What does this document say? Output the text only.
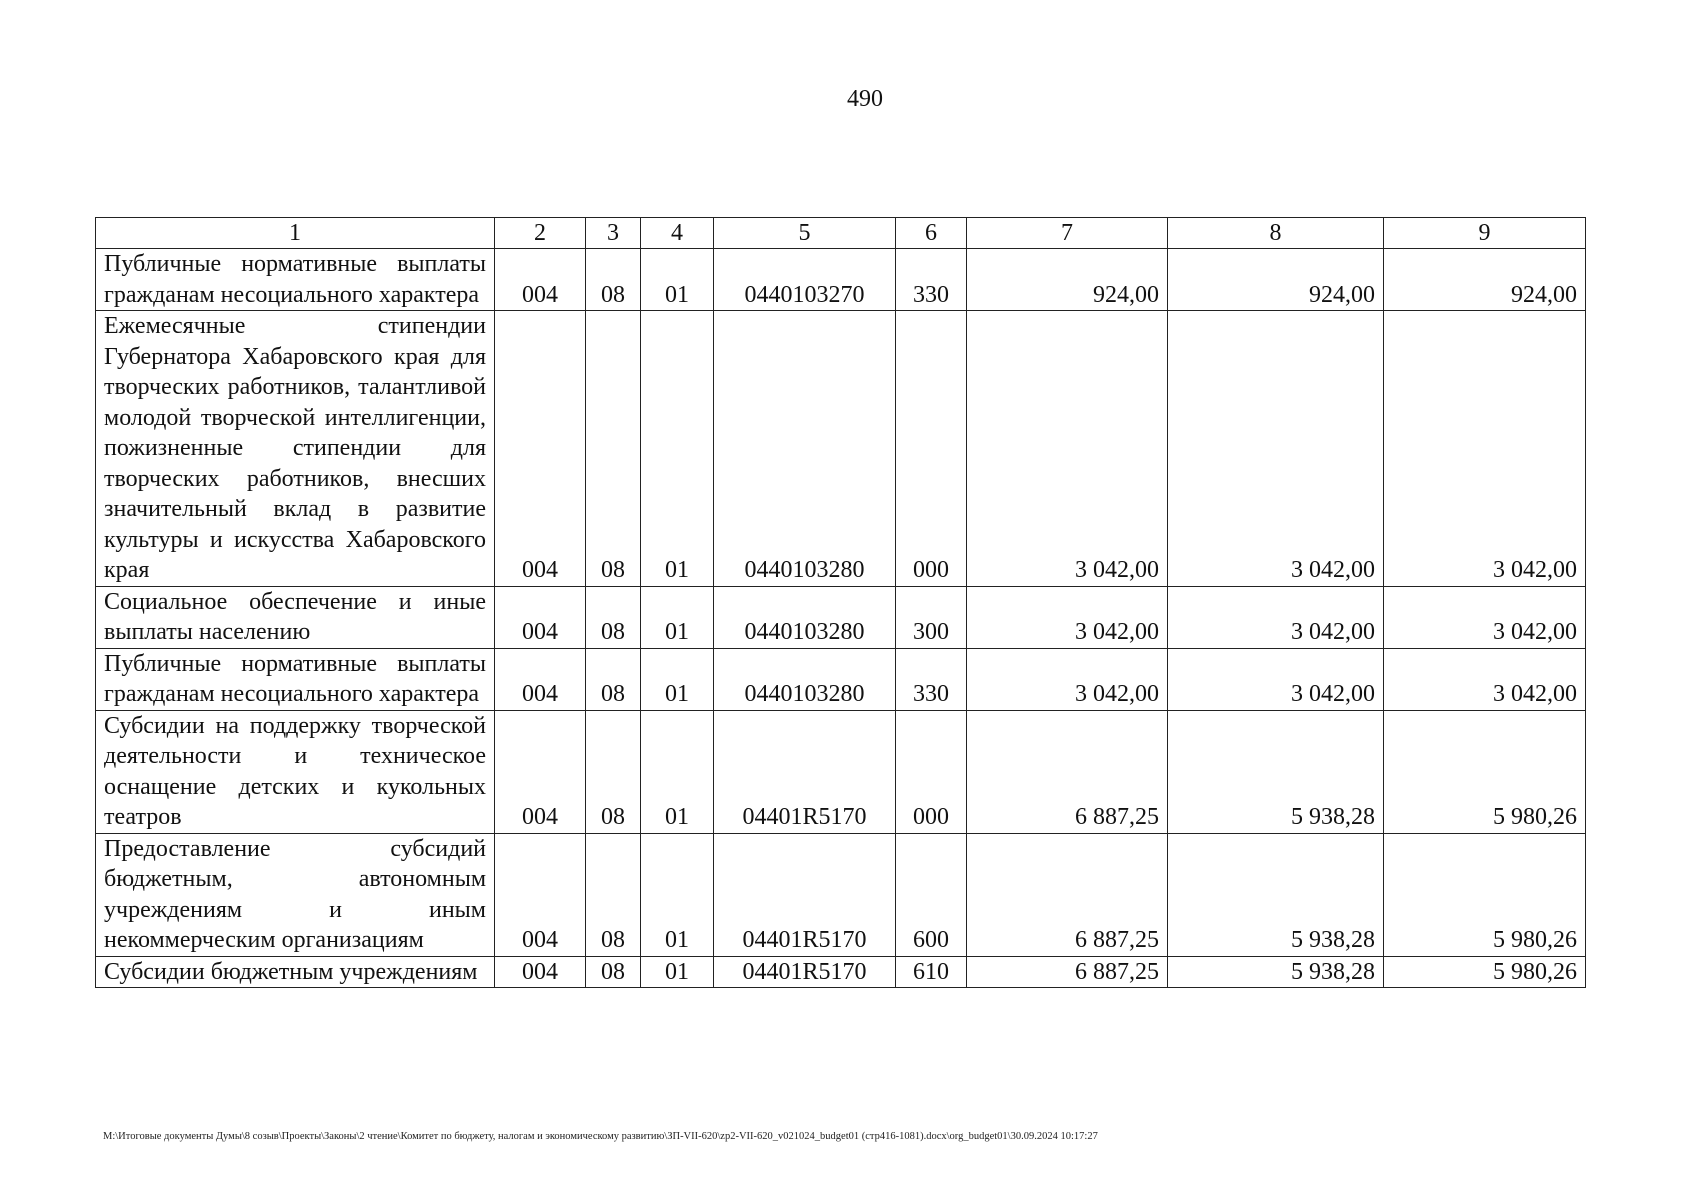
490
1	2	3	4	5	6	7	8	9
Публичные нормативные выплаты гражданам несоциального характера	004	08	01	0440103270	330	924,00	924,00	924,00
Ежемесячные стипендии Губернатора Хабаровского края для творческих работников, талантливой молодой творческой интеллигенции, пожизненные стипендии для творческих работников, внесших значительный вклад в развитие культуры и искусства Хабаровского края	004	08	01	0440103280	000	3 042,00	3 042,00	3 042,00
Социальное обеспечение и иные выплаты населению	004	08	01	0440103280	300	3 042,00	3 042,00	3 042,00
Публичные нормативные выплаты гражданам несоциального характера	004	08	01	0440103280	330	3 042,00	3 042,00	3 042,00
Субсидии на поддержку творческой деятельности и техническое оснащение детских и кукольных театров	004	08	01	04401R5170	000	6 887,25	5 938,28	5 980,26
Предоставление субсидий бюджетным, автономным учреждениям и иным некоммерческим организациям	004	08	01	04401R5170	600	6 887,25	5 938,28	5 980,26
Субсидии бюджетным учреждениям	004	08	01	04401R5170	610	6 887,25	5 938,28	5 980,26
M:\Итоговые документы Думы\8 созыв\Проекты\Законы\2 чтение\Комитет по бюджету, налогам и экономическому развитию\ЗП-VII-620\zp2-VII-620_v021024_budget01 (стр416-1081).docx\org_budget01\30.09.2024 10:17:27
